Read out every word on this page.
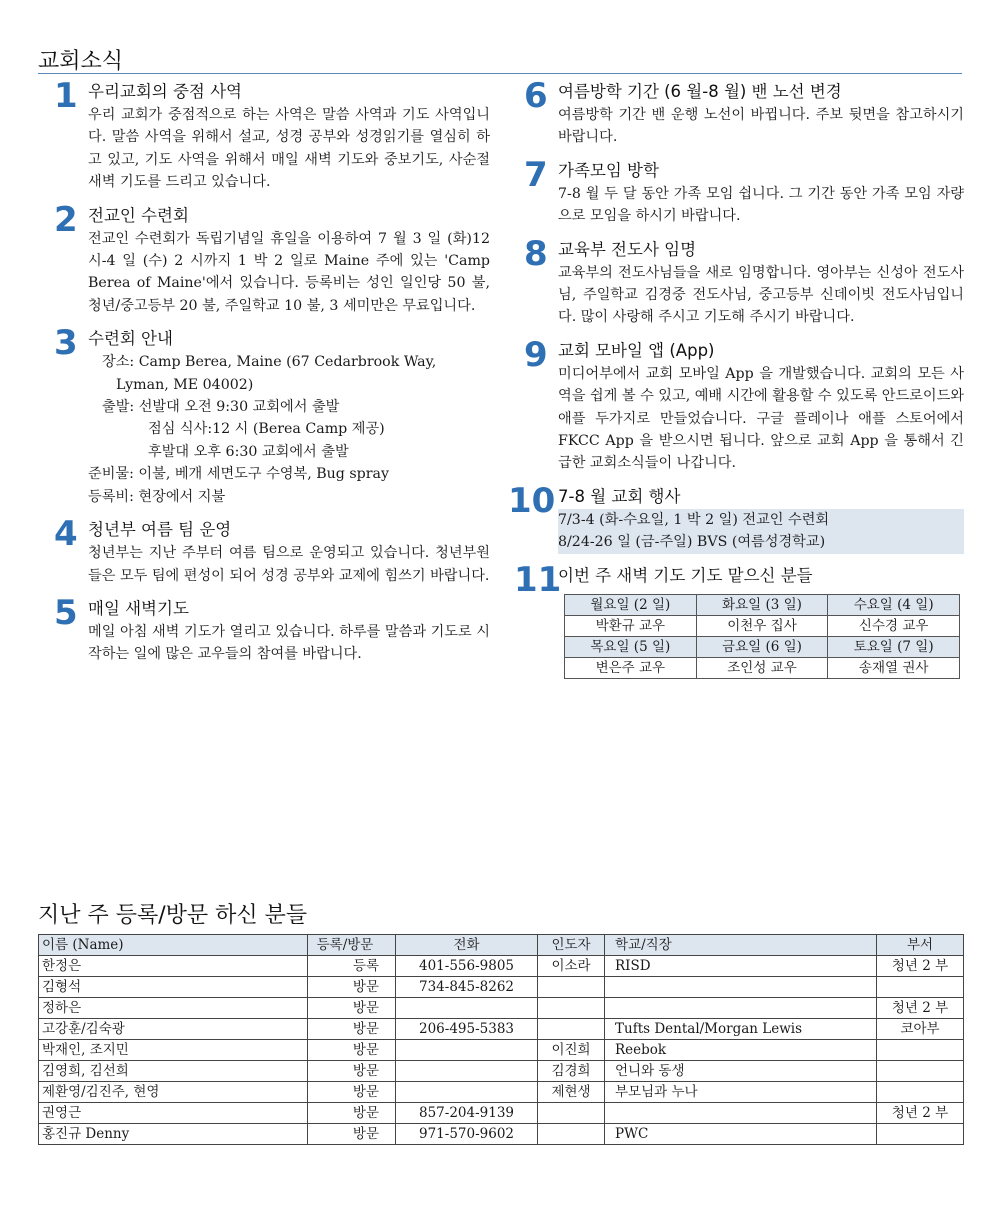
교회소식
1 우리교회의 중점 사역
우리 교회가 중점적으로 하는 사역은 말씀 사역과 기도 사역입니다. 말씀 사역을 위해서 설교, 성경 공부와 성경읽기를 열심히 하고 있고, 기도 사역을 위해서 매일 새벽 기도와 중보기도, 사순절 새벽 기도를 드리고 있습니다.
2 전교인 수련회
전교인 수련회가 독립기념일 휴일을 이용하여 7 월 3 일 (화)12 시-4 일 (수) 2 시까지 1 박 2 일로 Maine 주에 있는 'Camp Berea of Maine'에서 있습니다. 등록비는 성인 일인당 50 불, 청년/중고등부 20 불, 주일학교 10 불, 3 세미만은 무료입니다.
3 수련회 안내
장소: Camp Berea, Maine (67 Cedarbrook Way,
Lyman, ME 04002)
출발: 선발대 오전 9:30 교회에서 출발
점심 식사:12 시 (Berea Camp 제공)
후발대 오후 6:30 교회에서 출발
준비물: 이불, 베개 세면도구 수영복, Bug spray
등록비: 현장에서 지불
4 청년부 여름 팀 운영
청년부는 지난 주부터 여름 팀으로 운영되고 있습니다. 청년부원들은 모두 팀에 편성이 되어 성경 공부와 교제에 힘쓰기 바랍니다.
5 매일 새벽기도
메일 아침 새벽 기도가 열리고 있습니다. 하루를 말씀과 기도로 시작하는 일에 많은 교우들의 참여를 바랍니다.
6 여름방학 기간 (6 월-8 월) 밴 노선 변경
여름방학 기간 밴 운행 노선이 바뀝니다. 주보 뒷면을 참고하시기 바랍니다.
7 가족모임 방학
7-8 월 두 달 동안 가족 모임 쉽니다. 그 기간 동안 가족 모임 자량으로 모임을 하시기 바랍니다.
8 교육부 전도사 임명
교육부의 전도사님들을 새로 임명합니다. 영아부는 신성아 전도사님, 주일학교 김경중 전도사님, 중고등부 신데이빗 전도사님입니다. 많이 사랑해 주시고 기도해 주시기 바랍니다.
9 교회 모바일 앱 (App)
미디어부에서 교회 모바일 App 을 개발했습니다. 교회의 모든 사역을 쉽게 볼 수 있고, 예배 시간에 활용할 수 있도록 안드로이드와 애플 두가지로 만들었습니다. 구글 플레이나 애플 스토어에서 FKCC App 을 받으시면 됩니다. 앞으로 교회 App 을 통해서 긴급한 교회소식들이 나갑니다.
10 7-8 월 교회 행사
7/3-4 (화-수요일, 1 박 2 일) 전교인 수련회
8/24-26 일 (금-주일) BVS (여름성경학교)
11
이번 주 새벽 기도 기도 맡으신 분들
월요일 (2 일)	화요일 (3 일)	수요일 (4 일)
박환규 교우	이천우 집사	신수경 교우
목요일 (5 일)	금요일 (6 일)	토요일 (7 일)
변은주 교우	조인성 교우	송재열 권사
지난 주 등록/방문 하신 분들
이름 (Name)	등록/방문	전화	인도자	학교/직장	부서
한정은	등록	401-556-9805	이소라	RISD	청년 2 부
김형석	방문	734-845-8262			
정하은	방문				청년 2 부
고강훈/김숙광	방문	206-495-5383		Tufts Dental/Morgan Lewis	코아부
박재인, 조지민	방문		이진희	Reebok	
김영희, 김선희	방문		김경희	언니와 동생	
제환영/김진주, 현영	방문		제현생	부모님과 누나	
권영근	방문	857-204-9139			청년 2 부
홍진규 Denny	방문	971-570-9602		PWC	
